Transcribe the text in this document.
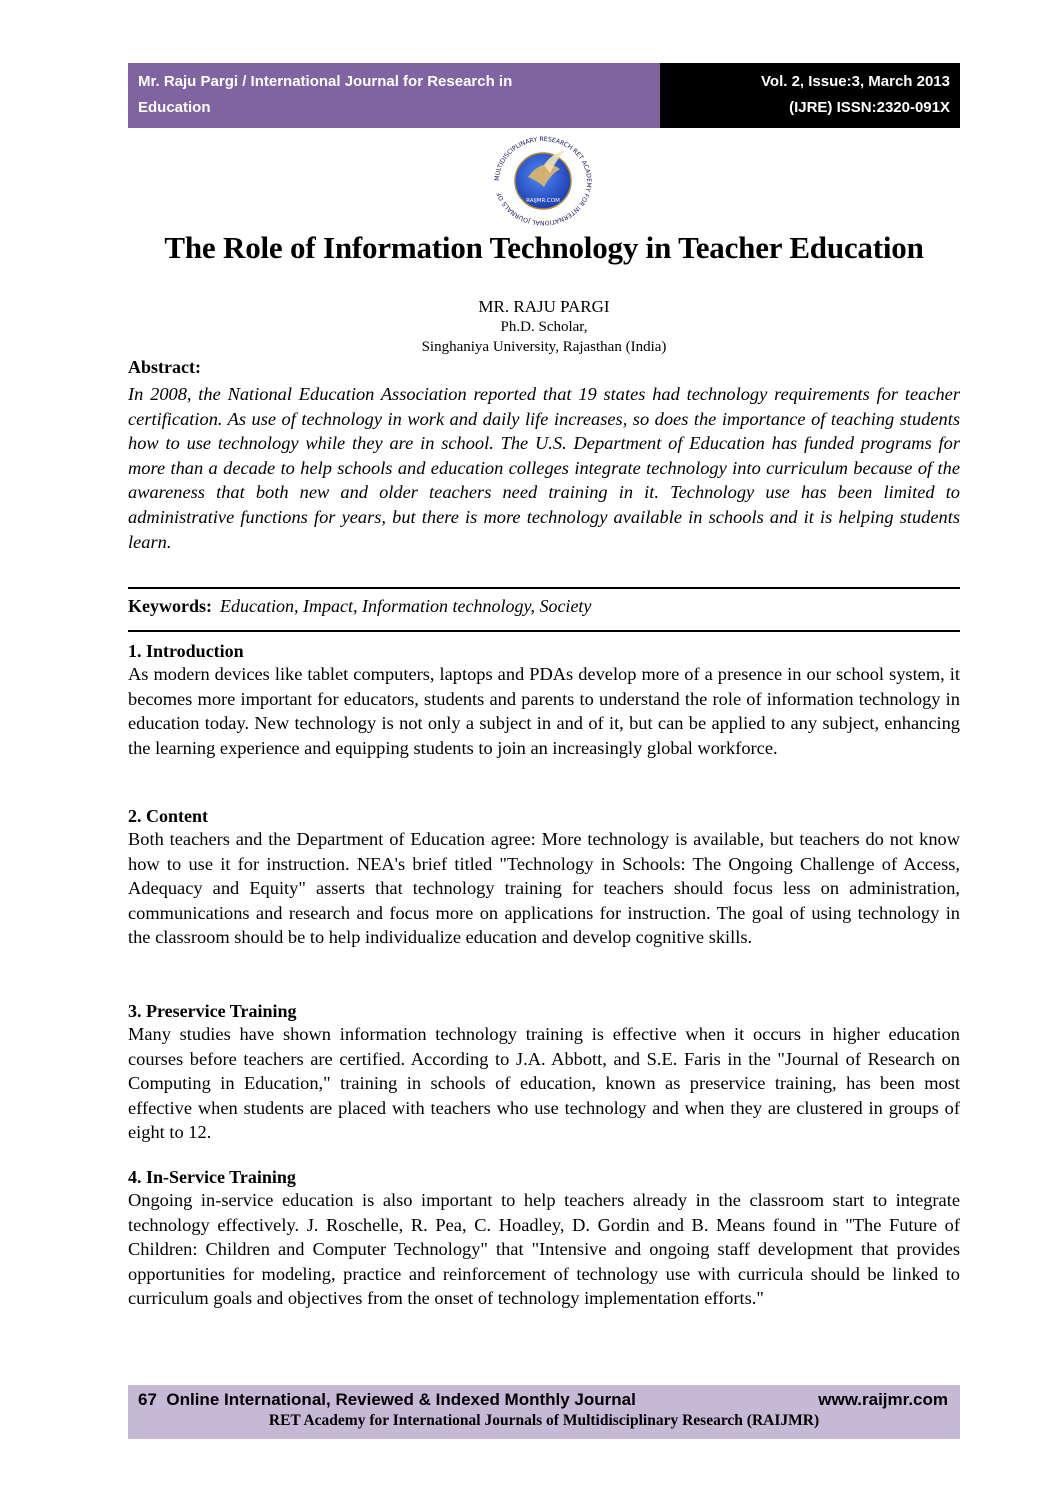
Mr. Raju Pargi / International Journal for Research in
Education
Vol. 2, Issue:3, March 2013
(IJRE) ISSN:2320-091X
MULTIDISCIPLINARY RESEARCH RET ACADEMY FOR INTERNATIONAL JOURNALS OF
RAIJMR.COM
The Role of Information Technology in Teacher Education
MR. RAJU PARGI
Ph.D. Scholar,
Singhaniya University, Rajasthan (India)
Abstract:
In 2008, the National Education Association reported that 19 states had technology requirements for teacher certification. As use of technology in work and daily life increases, so does the importance of teaching students how to use technology while they are in school. The U.S. Department of Education has funded programs for more than a decade to help schools and education colleges integrate technology into curriculum because of the awareness that both new and older teachers need training in it. Technology use has been limited to administrative functions for years, but there is more technology available in schools and it is helping students learn.
Keywords: Education, Impact, Information technology, Society
1. Introduction

As modern devices like tablet computers, laptops and PDAs develop more of a presence in our school system, it becomes more important for educators, students and parents to understand the role of information technology in education today. New technology is not only a subject in and of it, but can be applied to any subject, enhancing the learning experience and equipping students to join an increasingly global workforce.

2. Content

Both teachers and the Department of Education agree: More technology is available, but teachers do not know how to use it for instruction. NEA's brief titled "Technology in Schools: The Ongoing Challenge of Access, Adequacy and Equity" asserts that technology training for teachers should focus less on administration, communications and research and focus more on applications for instruction. The goal of using technology in the classroom should be to help individualize education and develop cognitive skills.

3. Preservice Training

Many studies have shown information technology training is effective when it occurs in higher education courses before teachers are certified. According to J.A. Abbott, and S.E. Faris in the "Journal of Research on Computing in Education," training in schools of education, known as preservice training, has been most effective when students are placed with teachers who use technology and when they are clustered in groups of eight to 12.

4. In-Service Training

Ongoing in-service education is also important to help teachers already in the classroom start to integrate technology effectively. J. Roschelle, R. Pea, C. Hoadley, D. Gordin and B. Means found in "The Future of Children: Children and Computer Technology" that "Intensive and ongoing staff development that provides opportunities for modeling, practice and reinforcement of technology use with curricula should be linked to curriculum goals and objectives from the onset of technology implementation efforts."

67 Online International, Reviewed & Indexed Monthly Journal	www.raijmr.com
RET Academy for International Journals of Multidisciplinary Research (RAIJMR)
